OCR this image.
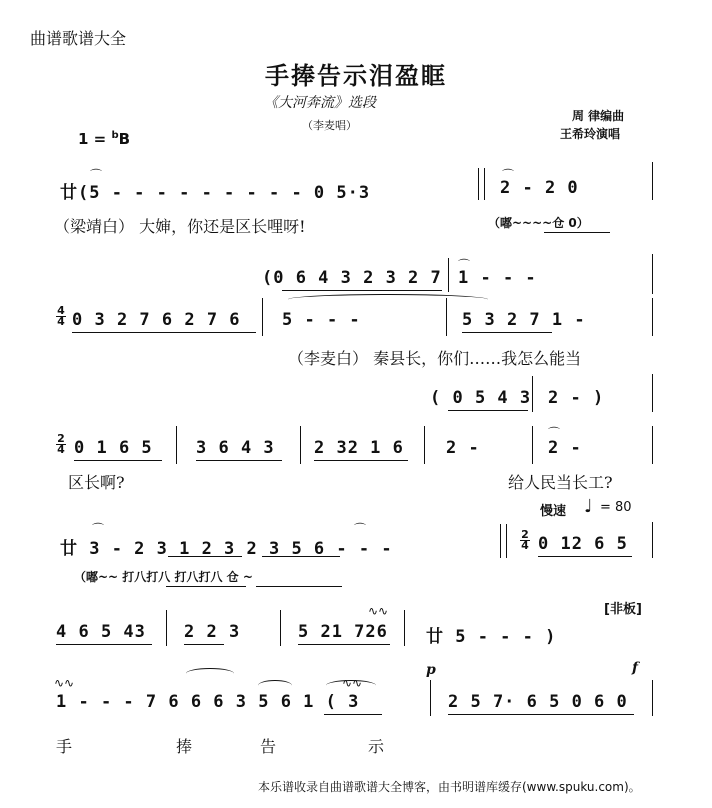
曲谱歌谱大全
手捧告示泪盈眶
《大河奔流》选段
（李麦唱）
周 律编曲
王希玲演唱
1 = $^b$B
⌒
廿(5 - - - - - - - - - 0 5·3
⌒
2 - 2 0
（梁靖白） 大婶，你还是区长哩呀!	（嘟~~~~仓 0）
(0 6 4 3 2 3 2 7
⌒
1 - - -
4
4 0 3 2 7 6 2 7 6 5 - - -	5 3 2 7 1 -
（李麦白） 秦县长，你们……我怎么能当
( 0 5 4 3 2 - )
2
4 0 1 6 5	3 6 4 3 2 32 1 6 2 -
⌒
2 -
区长啊?	给人民当长工?
慢速 ♩ = 80
⌒	⌒
廿 3 - 2 3 1 2 3 2 3 5 6 - - -
2
4 0 12 6 5
（嘟~~ 打八打八 打八打八 仓 ~
[非板]
4 6 5 43 2 2 3
∿∿
5 21 726 廿 5 - - - )
∿∿	∿∿
1 - - - 7 6 6 6 3 5 6 1 ( 3
p	f
2 5 7· 6 5 0 6 0
手	捧	告	示
本乐谱收录自曲谱歌谱大全博客，由书明谱库缓存(www.spuku.com)。
